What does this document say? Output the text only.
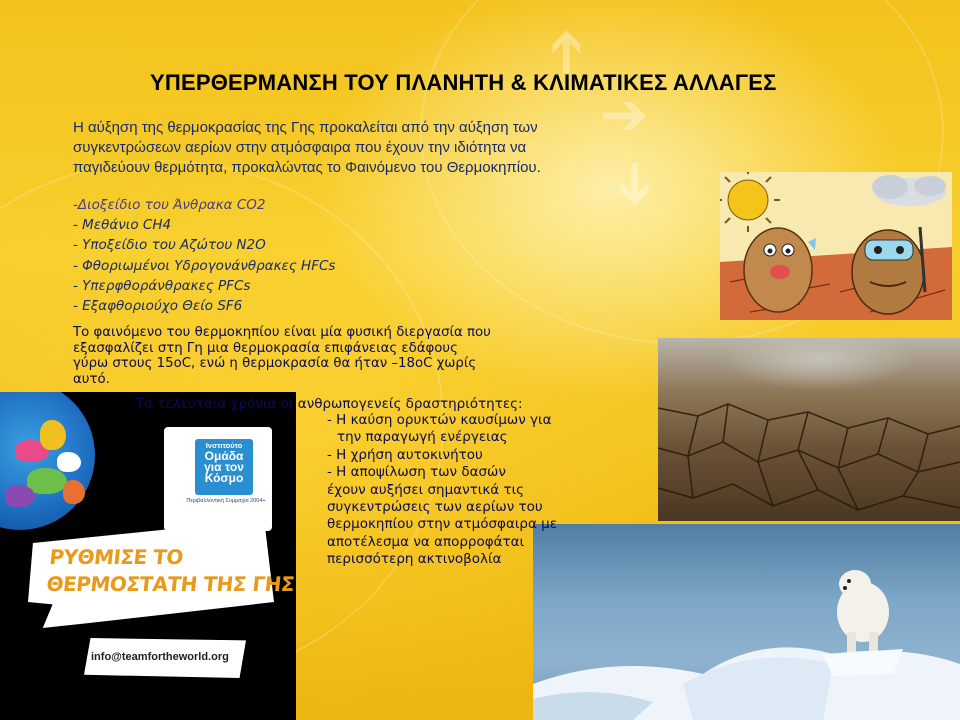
➔
➔
➔
ΥΠΕΡΘΕΡΜΑΝΣΗ ΤΟΥ ΠΛΑΝΗΤΗ & ΚΛΙΜΑΤΙΚΕΣ ΑΛΛΑΓΕΣ
Η αύξηση της θερμοκρασίας της Γης προκαλείται από την αύξηση των
συγκεντρώσεων αερίων στην ατμόσφαιρα που έχουν την ιδιότητα να
παγιδεύουν θερμότητα, προκαλώντας το Φαινόμενο του Θερμοκηπίου.
-Διοξείδιο του Άνθρακα CO2
- Μεθάνιο CH4
- Υποξείδιο του Αζώτου N2O
- Φθοριωμένοι Υδρογονάνθρακες HFCs
- Υπερφθοράνθρακες PFCs
- Εξαφθοριούχο Θείο SF6
Το φαινόμενο του θερμοκηπίου είναι μία φυσική διεργασία που
εξασφαλίζει στη Γη μια θερμοκρασία επιφάνειας εδάφους
γύρω στους 15oC, ενώ η θερμοκρασία θα ήταν –18oC χωρίς
αυτό.
Ινστιτούτο
Ομάδα
για τον
Κόσμο
Περιβαλλοντική Συμμαχία 2004+
ΡΥΘΜΙΣΕ ΤΟ
ΘΕΡΜΟΣΤΑΤΗ ΤΗΣ ΓΗΣ
info@teamfortheworld.org
Τα τελευταία χρόνια οι ανθρωπογενείς δραστηριότητες:
- Η καύση ορυκτών καυσίμων για
την παραγωγή ενέργειας
- Η χρήση αυτοκινήτου
- Η αποψίλωση των δασών
έχουν αυξήσει σημαντικά τις
συγκεντρώσεις των αερίων του
θερμοκηπίου στην ατμόσφαιρα με
αποτέλεσμα να απορροφάται
περισσότερη ακτινοβολία
